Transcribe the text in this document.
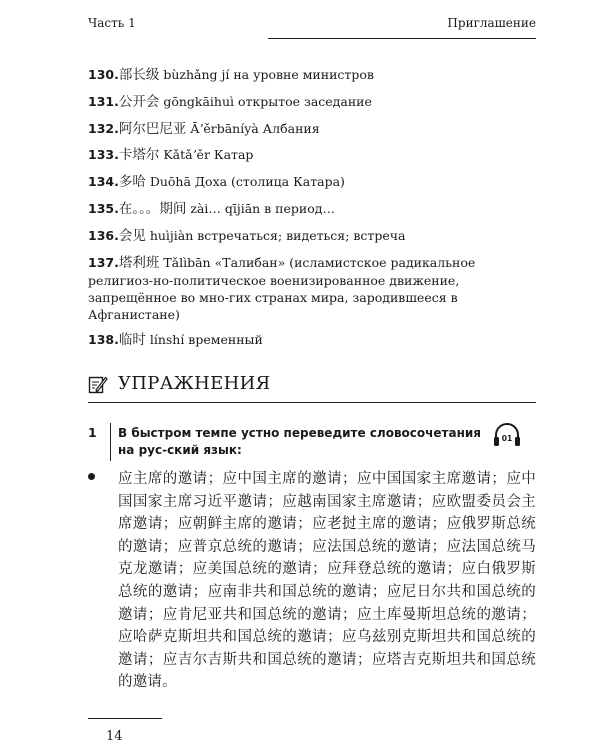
Часть 1	Приглашение
130.部长级 bùzhǎng jí на уровне министров
131.公开会 gōngkāihuì открытое заседание
132.阿尔巴尼亚 Āʼěrbāníyà Албания
133.卡塔尔 Kǎtǎʼěr Катар
134.多哈 Duōhā Доха (столица Катара)
135.在。。。期间 zài… qījiān в период…
136.会见 huìjiàn встречаться; видеться; встреча
137.塔利班 Tǎlìbān «Талибан» (исламистское радикальное религиоз-но-политическое военизированное движение, запрещённое во мно-гих странах мира, зародившееся в Афганистане)
138.临时 línshí временный
УПРАЖНЕНИЯ
1	В быстром темпе устно переведите словосочетания на рус-ский язык:
01
应主席的邀请；应中国主席的邀请；应中国国家主席邀请；应中国国家主席习近平邀请；应越南国家主席邀请；应欧盟委员会主席邀请；应朝鲜主席的邀请；应老挝主席的邀请；应俄罗斯总统的邀请；应普京总统的邀请；应法国总统的邀请；应法国总统马克龙邀请；应美国总统的邀请；应拜登总统的邀请；应白俄罗斯总统的邀请；应南非共和国总统的邀请；应尼日尔共和国总统的邀请；应肯尼亚共和国总统的邀请；应土库曼斯坦总统的邀请；应哈萨克斯坦共和国总统的邀请；应乌兹别克斯坦共和国总统的邀请；应吉尔吉斯共和国总统的邀请；应塔吉克斯坦共和国总统的邀请。
14
